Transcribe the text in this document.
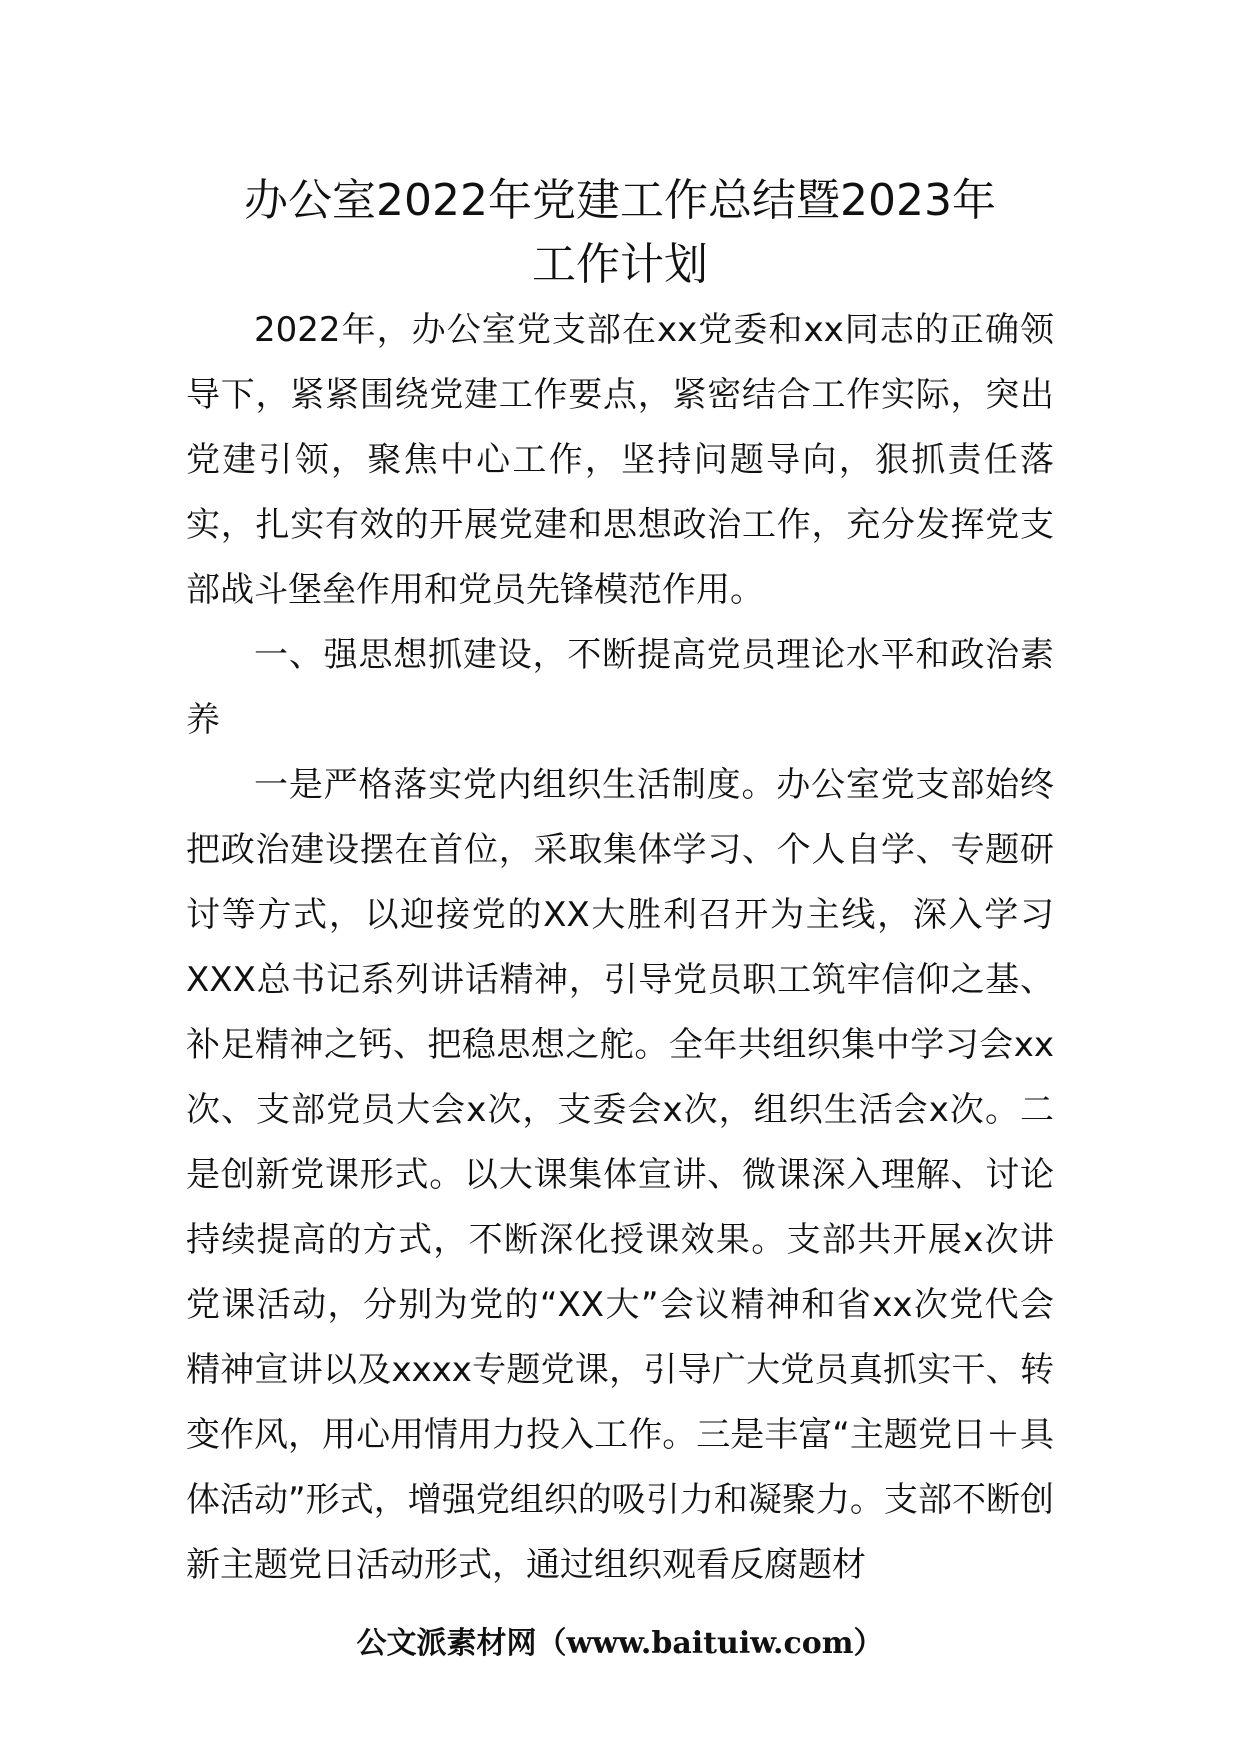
办公室2022年党建工作总结暨2023年
工作计划

2022年，办公室党支部在xx党委和xx同志的正确领导下，紧紧围绕党建工作要点，紧密结合工作实际，突出党建引领，聚焦中心工作，坚持问题导向，狠抓责任落实，扎实有效的开展党建和思想政治工作，充分发挥党支部战斗堡垒作用和党员先锋模范作用。

一、强思想抓建设，不断提高党员理论水平和政治素养

一是严格落实党内组织生活制度。办公室党支部始终把政治建设摆在首位，采取集体学习、个人自学、专题研讨等方式，以迎接党的XX大胜利召开为主线，深入学习XXX总书记系列讲话精神，引导党员职工筑牢信仰之基、补足精神之钙、把稳思想之舵。全年共组织集中学习会xx次、支部党员大会x次，支委会x次，组织生活会x次。二是创新党课形式。以大课集体宣讲、微课深入理解、讨论持续提高的方式，不断深化授课效果。支部共开展x次讲党课活动，分别为党的“XX大”会议精神和省xx次党代会精神宣讲以及xxxx专题党课，引导广大党员真抓实干、转变作风，用心用情用力投入工作。三是丰富“主题党日＋具体活动”形式，增强党组织的吸引力和凝聚力。支部不断创新主题党日活动形式，通过组织观看反腐题材

公文派素材网（www.baituiw.com）
